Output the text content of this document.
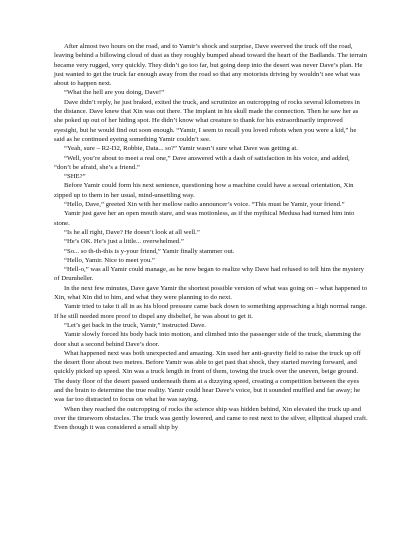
After almost two hours on the road, and to Yamir’s shock and surprise, Dave swerved the truck off the road, leaving behind a billowing cloud of dust as they roughly bumped ahead toward the heart of the Badlands. The terrain became very rugged, very quickly. They didn’t go too far, but going deep into the desert was never Dave’s plan. He just wanted to get the truck far enough away from the road so that any motorists driving by wouldn’t see what was about to happen next.

“What the hell are you doing, Dave!”

Dave didn’t reply, he just braked, exited the truck, and scrutinize an outcropping of rocks several kilometres in the distance. Dave knew that Xin was out there. The implant in his skull made the connection. Then he saw her as she poked up out of her hiding spot. He didn’t know what creature to thank for his extraordinarily improved eyesight, but he would find out soon enough. “Yamir, I seem to recall you loved robots when you were a kid,” he said as he continued eyeing something Yamir couldn’t see.

“Yeah, sure – R2-D2, Robbie, Data... so?” Yamir wasn’t sure what Dave was getting at.

“Well, you’re about to meet a real one,” Dave answered with a dash of satisfaction in his voice, and added, “don’t be afraid, she’s a friend.”

“SHE?”

Before Yamir could form his next sentence, questioning how a machine could have a sexual orientation, Xin zipped up to them in her usual, mind-unsettling way.

“Hello, Dave,” greeted Xin with her mellow radio announcer’s voice. “This must be Yamir, your friend.”

Yamir just gave her an open mouth stare, and was motionless, as if the mythical Medusa had turned him into stone.

“Is he all right, Dave? He doesn’t look at all well.”

“He’s OK. He’s just a little... overwhelmed.”

“So... so th-th-this is y-your friend,” Yamir finally stammer out.

“Hello, Yamir. Nice to meet you.”

“Hell-o,” was all Yamir could manage, as he now began to realize why Dave had refused to tell him the mystery of Drumheller.

In the next few minutes, Dave gave Yamir the shortest possible version of what was going on – what happened to Xin, what Xin did to him, and what they were planning to do next.

Yamir tried to take it all in as his blood pressure came back down to something approaching a high normal range. If he still needed more proof to dispel any disbelief, he was about to get it.

“Let’s get back in the truck, Yamir,” instructed Dave.

Yamir slowly forced his body back into motion, and climbed into the passenger side of the truck, slamming the door shut a second behind Dave’s door.

What happened next was both unexpected and amazing. Xin used her anti-gravity field to raise the truck up off the desert floor about two metres. Before Yamir was able to get past that shock, they started moving forward, and quickly picked up speed. Xin was a truck length in front of them, towing the truck over the uneven, beige ground. The dusty floor of the desert passed underneath them at a dizzying speed, creating a competition between the eyes and the brain to determine the true reality. Yamir could hear Dave’s voice, but it sounded muffled and far away; he was far too distracted to focus on what he was saying.

When they reached the outcropping of rocks the science ship was hidden behind, Xin elevated the truck up and over the timeworn obstacles. The truck was gently lowered, and came to rest next to the silver, elliptical shaped craft. Even though it was considered a small ship by
